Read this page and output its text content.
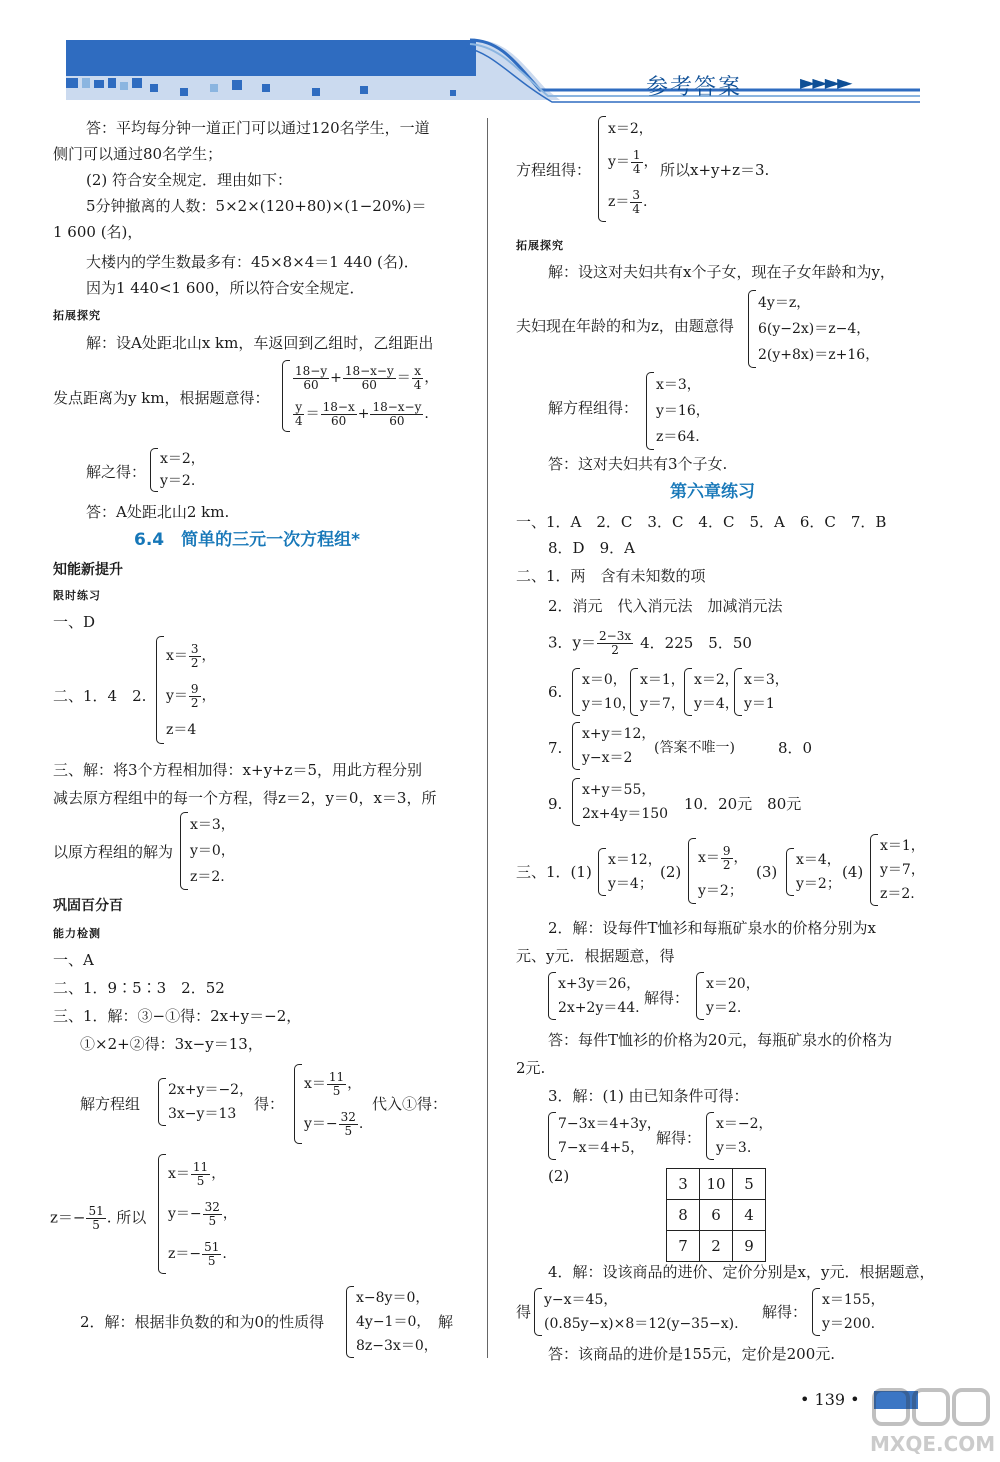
参考答案	►►►►
答：平均每分钟一道正门可以通过120名学生，一道
侧门可以通过80名学生；
(2) 符合安全规定．理由如下：
5分钟撤离的人数：5×2×(120+80)×(1−20%)＝
1 600 (名)，
大楼内的学生数最多有：45×8×4＝1 440 (名)．
因为1 440<1 600，所以符合安全规定．
拓展探究
解：设A处距北山x km，车返回到乙组时，乙组距出
发点距离为y km，根据题意得：
$\frac{18-y}{60} + \frac{18-x-y}{60} = \frac{x}{4}$ ，
$\frac{y}{4} = \frac{18-x}{60} + \frac{18-x-y}{60}$ .
解之得：
x＝2，
y＝2.
答：A处距北山2 km.
6.4　简单的三元一次方程组*
知能新提升
限时练习
一、D
二、1．4　2.
$x= \frac{3}{2}$ ，
$y= \frac{9}{2}$ ，
z＝4
三、解：将3个方程相加得：x+y+z＝5，用此方程分别
减去原方程组中的每一个方程，得z＝2，y＝0，x＝3，所
以原方程组的解为
x＝3，
y＝0，
z＝2.
巩固百分百
能力检测
一、A
二、1．9∶5∶3　2．52
三、1．解：③−①得：2x+y＝−2，
①×2+②得：3x−y＝13，
解方程组
2x+y＝−2，
3x−y＝13
得：
$x= \frac{11}{5}$ ，
$y=- \frac{32}{5}$ .
代入①得：
$z=- \frac{51}{5}$ . 所以
$x= \frac{11}{5}$ ，
$y=- \frac{32}{5}$ ，
$z=- \frac{51}{5}$ .
2．解：根据非负数的和为0的性质得
x−8y＝0，
4y−1＝0，
8z−3x＝0，
解
x＝2，
$y= \frac{1}{4}$ ，
$z= \frac{3}{4}$ .
方程组得：	所以x+y+z＝3.
拓展探究
解：设这对夫妇共有x个子女，现在子女年龄和为y，
夫妇现在年龄的和为z，由题意得
4y＝z，
6(y−2x)＝z−4，
2(y+8x)＝z+16，
解方程组得：
x＝3，
y＝16，
z＝64.
答：这对夫妇共有3个子女.
第六章练习
一、1．A　2．C　3．C　4．C　5．A　6．C　7．B
8．D　9．A
二、1．两　含有未知数的项
2．消元　代入消元法　加减消元法
3．$y= \frac{2-3x}{2} 4$．225　5．50
6.
x＝0，
y＝10，
x＝1，
y＝7，
x＝2，
y＝4，
x＝3，
y＝1
7.
x+y＝12，
y−x＝2
(答案不唯一)	8．0
9.
x+y＝55，
2x+4y＝150
10．20元　80元
三、1．(1)
x＝12，
y＝4；
(2)
$x= \frac{9}{2}$ ，
y＝2；
(3)
x＝4，
y＝2；
(4)
x＝1，
y＝7，
z＝2.
2．解：设每件T恤衫和每瓶矿泉水的价格分别为x
元、y元．根据题意，得
x+3y＝26，
2x+2y＝44.
解得：
x＝20，
y＝2.
答：每件T恤衫的价格为20元，每瓶矿泉水的价格为
2元.
3．解：(1) 由已知条件可得：
7−3x＝4+3y，
7−x＝4+5，
解得：
x＝−2，
y＝3.
(2)	3	10	5
8	6	4
7	2	9
4．解：设该商品的进价、定价分别是x，y元．根据题意，
得
y−x＝45，
(0.85y−x)×8＝12(y−35−x).
解得：
x＝155，
y＝200.
答：该商品的进价是155元，定价是200元.
• 139 •
MXQE.COM
